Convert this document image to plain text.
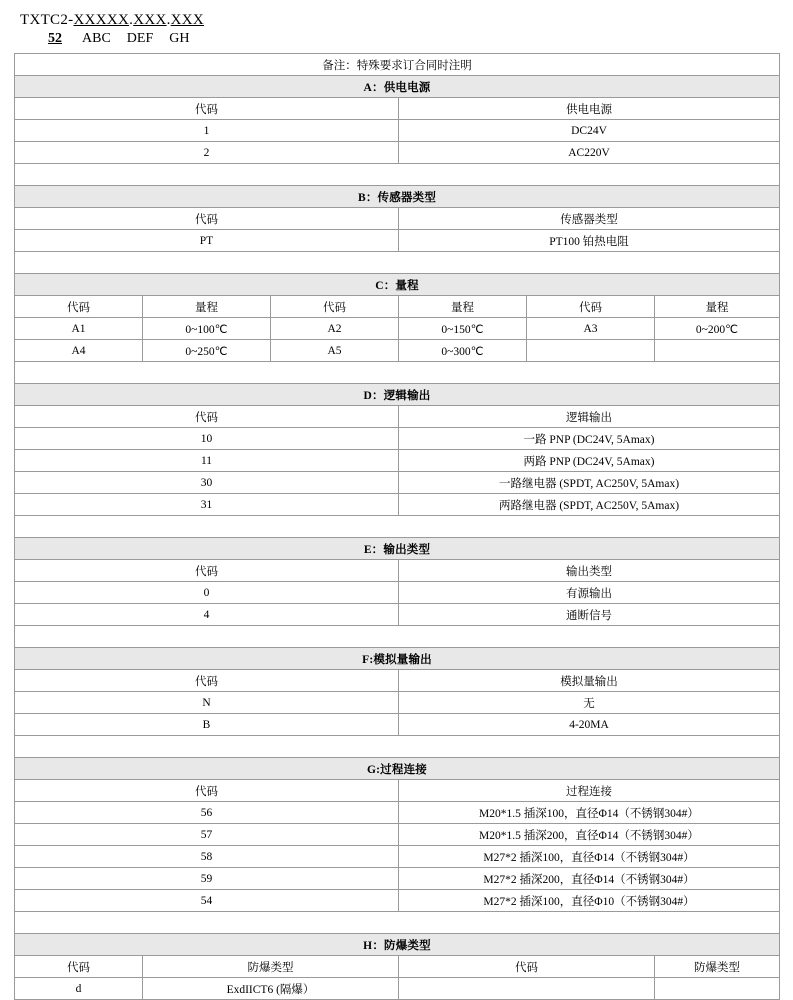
TXTC2-XXXXX.XXX.XXX
52 ABC DEF GH
备注：特殊要求订合同时注明					
A：供电电源					
代码			供电电源		
1			DC24V		
2			AC220V		

B：传感器类型					
代码			传感器类型		
PT			PT100 铂热电阻		

C：量程					
代码	量程	代码	量程	代码	量程
A1	0~100℃	A2	0~150℃	A3	0~200℃
A4	0~250℃	A5	0~300℃		

D：逻辑输出					
代码			逻辑输出		
10			一路 PNP (DC24V, 5Amax)		
11			两路 PNP (DC24V, 5Amax)		
30			一路继电器 (SPDT, AC250V, 5Amax)		
31			两路继电器 (SPDT, AC250V, 5Amax)		

E：输出类型					
代码			输出类型		
0			有源输出		
4			通断信号		

F:模拟量输出					
代码			模拟量输出		
N			无		
B			4-20MA		

G:过程连接					
代码			过程连接		
56			M20*1.5 插深100，直径Φ14（不锈钢304#）		
57			M20*1.5 插深200，直径Φ14（不锈钢304#）		
58			M27*2 插深100，直径Φ14（不锈钢304#）		
59			M27*2 插深200，直径Φ14（不锈钢304#）		
54			M27*2 插深100，直径Φ10（不锈钢304#）		

H：防爆类型					
代码	防爆类型		代码		防爆类型
d	ExdIICT6 (隔爆）				
